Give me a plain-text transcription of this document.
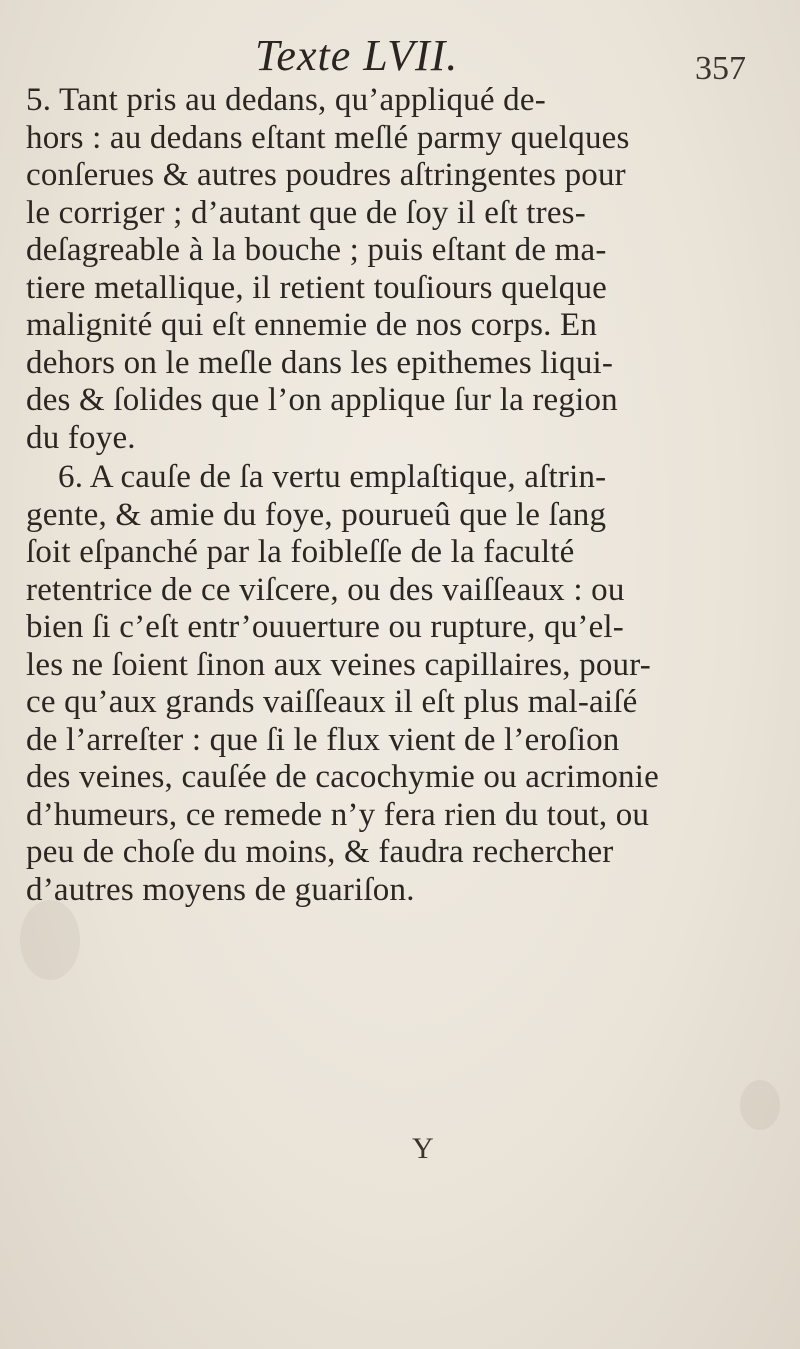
Texte LVII.	357
5. Tant pris au dedans, qu’appliqué de-
hors : au dedans eſtant meſlé parmy quelques
conſerues & autres poudres aſtringentes pour
le corriger ; d’autant que de ſoy il eſt tres-
deſagreable à la bouche ; puis eſtant de ma-
tiere metallique, il retient touſiours quelque
malignité qui eſt ennemie de nos corps. En
dehors on le meſle dans les epithemes liqui-
des & ſolides que l’on applique ſur la region
du foye.
6. A cauſe de ſa vertu emplaſtique, aſtrin-
gente, & amie du foye, pourueû que le ſang
ſoit eſpanché par la foibleſſe de la faculté
retentrice de ce viſcere, ou des vaiſſeaux : ou
bien ſi c’eſt entr’ouuerture ou rupture, qu’el-
les ne ſoient ſinon aux veines capillaires, pour-
ce qu’aux grands vaiſſeaux il eſt plus mal-aiſé
de l’arreſter : que ſi le flux vient de l’eroſion
des veines, cauſée de cacochymie ou acrimonie
d’humeurs, ce remede n’y fera rien du tout, ou
peu de choſe du moins, & faudra rechercher
d’autres moyens de guariſon.
Y
